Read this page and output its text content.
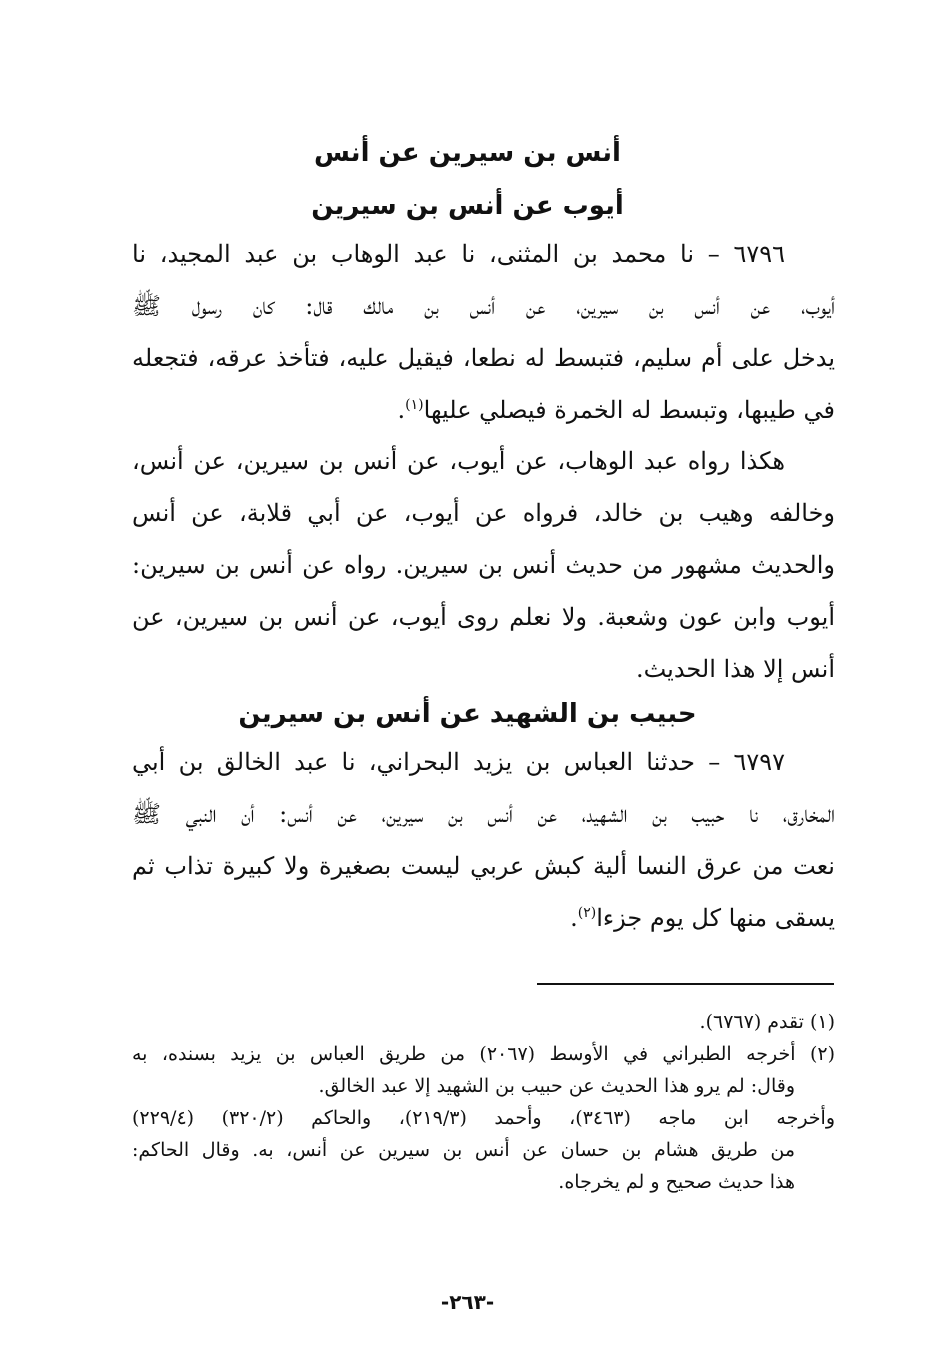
أنس بن سيرين عن أنس
أيوب عن أنس بن سيرين
٦٧٩٦ – نا محمد بن المثنى، نا عبد الوهاب بن عبد المجيد، نا
أيوب، عن أنس بن سيرين، عن أنس بن مالك قال: كان رسول ﷺ
يدخل على أم سليم، فتبسط له نطعا، فيقيل عليه، فتأخذ عرقه، فتجعله
في طيبها، وتبسط له الخمرة فيصلي عليها$^{(١)}$.
هكذا رواه عبد الوهاب، عن أيوب، عن أنس بن سيرين، عن أنس،
وخالفه وهيب بن خالد، فرواه عن أيوب، عن أبي قلابة، عن أنس
والحديث مشهور من حديث أنس بن سيرين. رواه عن أنس بن سيرين:
أيوب وابن عون وشعبة. ولا نعلم روى أيوب، عن أنس بن سيرين، عن
أنس إلا هذا الحديث.
حبيب بن الشهيد عن أنس بن سيرين
٦٧٩٧ – حدثنا العباس بن يزيد البحراني، نا عبد الخالق بن أبي
المخارق، نا حبيب بن الشهيد، عن أنس بن سيرين، عن أنس: أن النبي ﷺ
نعت من عرق النسا ألية كبش عربي ليست بصغيرة ولا كبيرة تذاب ثم
يسقى منها كل يوم جزءا$^{(٢)}$.
(١) تقدم (٦٧٦٧).
(٢) أخرجه الطبراني في الأوسط (٢٠٦٧) من طريق العباس بن يزيد بسنده، به
وقال: لم يرو هذا الحديث عن حبيب بن الشهيد إلا عبد الخالق.
وأخرجه ابن ماجه (٣٤٦٣)، وأحمد (٢١٩/٣)، والحاكم (٣٢٠/٢) (٢٢٩/٤)
من طريق هشام بن حسان عن أنس بن سيرين عن أنس، به. وقال الحاكم:
هذا حديث صحيح و لم يخرجاه.
-٢٦٣-
